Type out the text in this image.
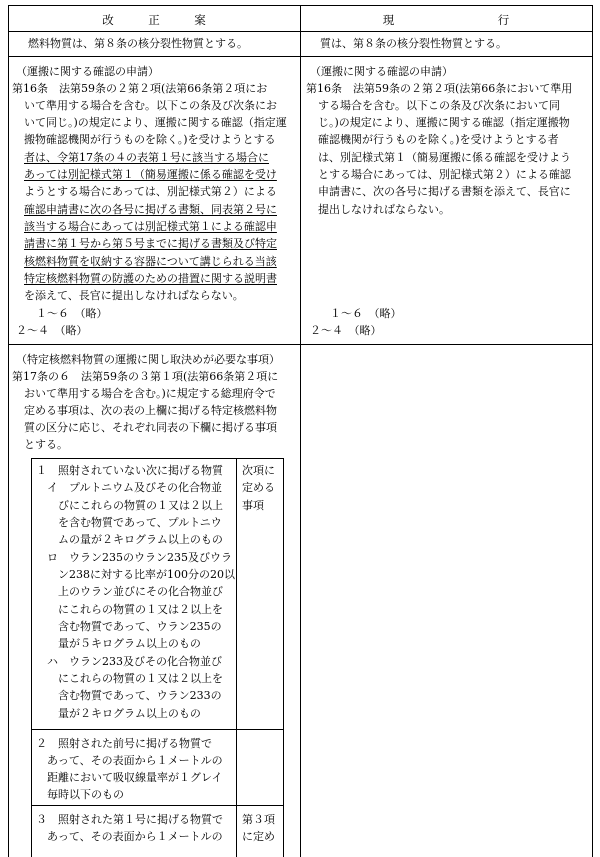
改　　　正　　　案	現　　　　　　　　　行

燃料物質は、第８条の核分裂性物質とする。	質は、第８条の核分裂性物質とする。

（運搬に関する確認の申請）

第16条　法第59条の２第２項(法第66条第２項にお

いて準用する場合を含む。以下この条及び次条にお

いて同じ。)の規定により、運搬に関する確認（指定運

搬物確認機関が行うものを除く。)を受けようとする

者は、令第17条の４の表第１号に該当する場合に

あっては別記様式第１（簡易運搬に係る確認を受け

ようとする場合にあっては、別記様式第２）による

確認申請書に次の各号に掲げる書類、同表第２号に

該当する場合にあっては別記様式第１による確認申

請書に第１号から第５号までに掲げる書類及び特定

核燃料物質を収納する容器について講じられる当該

特定核燃料物質の防護のための措置に関する説明書

を添えて、長官に提出しなければならない。

１～６　（略）

２～４　（略）

（運搬に関する確認の申請）

第16条　法第59条の２第２項(法第66条において準用

する場合を含む。以下この条及び次条において同

じ。)の規定により、運搬に関する確認（指定運搬物

確認機関が行うものを除く。)を受けようとする者

は、別記様式第１（簡易運搬に係る確認を受けよう

とする場合にあっては、別記様式第２）による確認

申請書に、次の各号に掲げる書類を添えて、長官に

提出しなければならない。

１～６　（略）

２～４　（略）

（特定核燃料物質の運搬に関し取決めが必要な事項）

第17条の６　法第59条の３第１項(法第66条第２項に

おいて準用する場合を含む。)に規定する総理府令で

定める事項は、次の表の上欄に掲げる特定核燃料物

質の区分に応じ、それぞれ同表の下欄に掲げる事項

とする。

１　照射されていない次に掲げる物質

　イ　プルトニウム及びその化合物並

　　びにこれらの物質の１又は２以上

　　を含む物質であって、プルトニウ

　　ムの量が２キログラム以上のもの

　ロ　ウラン235のウラン235及びウラ

　　ン238に対する比率が100分の20以

　　上のウラン並びにその化合物並び

　　にこれらの物質の１又は２以上を

　　含む物質であって、ウラン235の

　　量が５キログラム以上のもの

　ハ　ウラン233及びその化合物並び

　　にこれらの物質の１又は２以上を

　　含む物質であって、ウラン233の

　　量が２キログラム以上のもの

次項に

定める

事項

２　照射された前号に掲げる物質で

　あって、その表面から１メートルの

　距離において吸収線量率が１グレイ

　毎時以下のもの

３　照射された第１号に掲げる物質で

　あって、その表面から１メートルの

第３項

に定め
